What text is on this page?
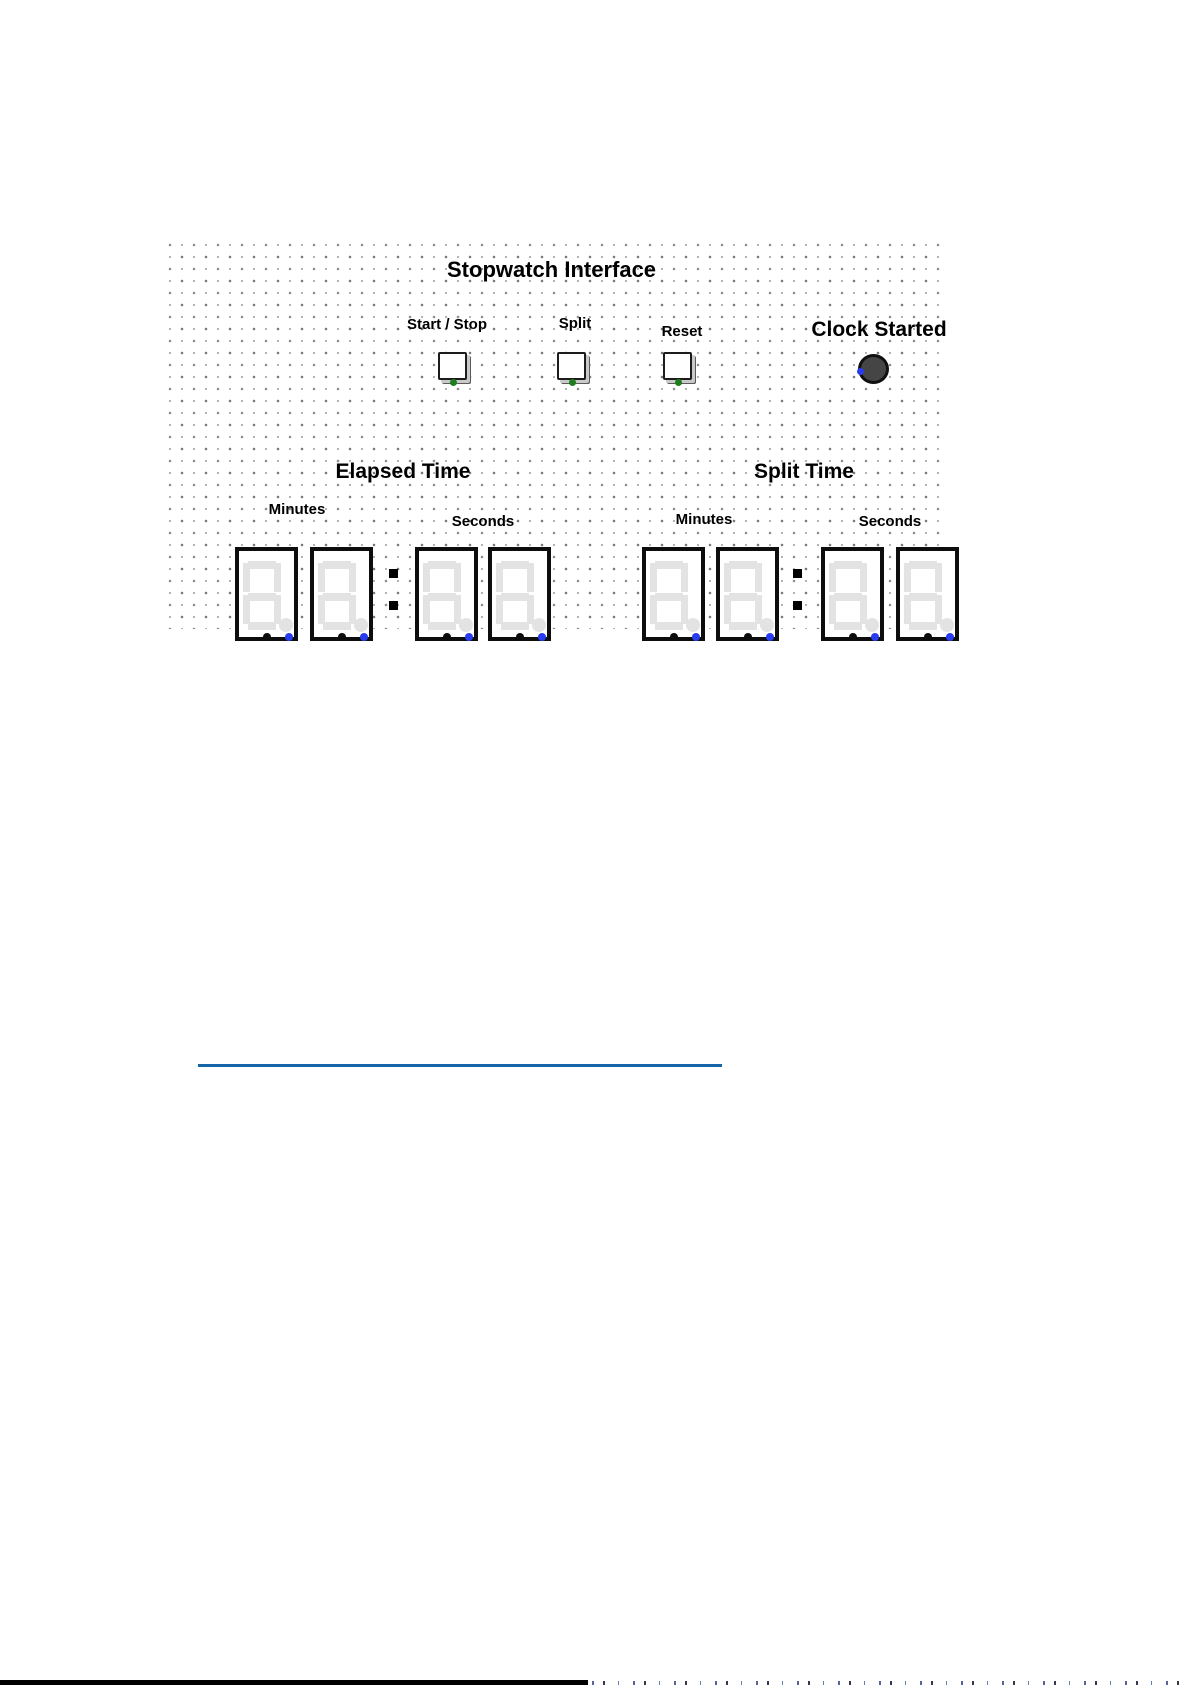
Stopwatch Interface
Start / Stop	Split	Reset	Clock Started
Elapsed Time	Split Time
Minutes
Seconds	Minutes	Seconds
